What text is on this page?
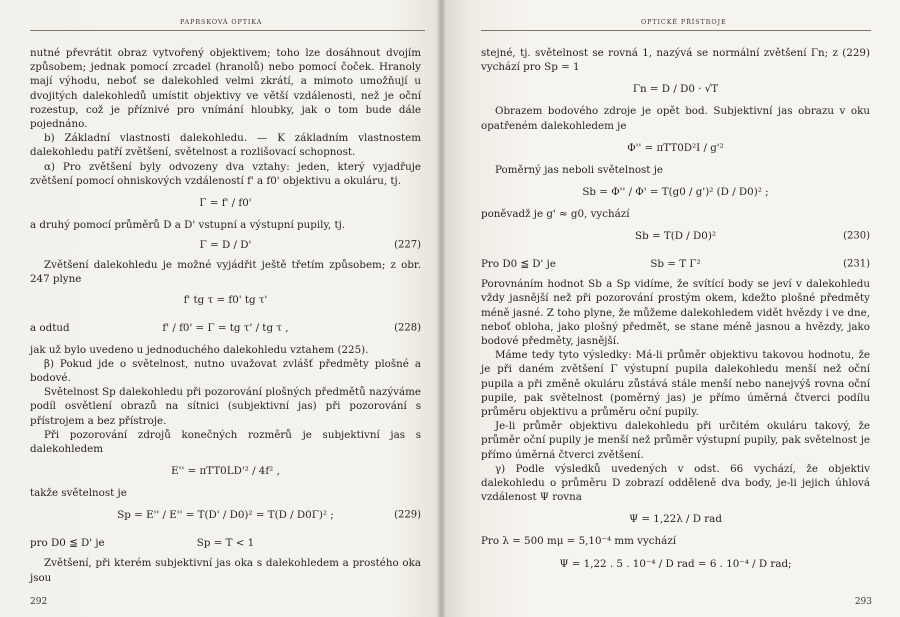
PAPRSKOVÁ OPTIKA

nutné převrátit obraz vytvořený objektivem; toho lze dosáhnout dvojím způsobem; jednak pomocí zrcadel (hranolů) nebo pomocí čoček. Hranoly mají výhodu, neboť se dalekohled velmi zkrátí, a mimoto umožňují u dvojitých dalekohledů umístit objektivy ve větší vzdálenosti, než je oční rozestup, což je příznivé pro vnímání hloubky, jak o tom bude dále pojednáno.

b) Základní vlastnosti dalekohledu. — K základním vlastnostem dalekohledu patří zvětšení, světelnost a rozlišovací schopnost.

α) Pro zvětšení byly odvozeny dva vztahy: jeden, který vyjadřuje zvětšení pomocí ohniskových vzdáleností f' a f0' objektivu a okuláru, tj.

Γ = f' / f0'

a druhý pomocí průměrů D a D' vstupní a výstupní pupily, tj.

Γ = D / D'	(227)

Zvětšení dalekohledu je možné vyjádřit ještě třetím způsobem; z obr. 247 plyne

f' tg τ = f0' tg τ'
a odtud	f' / f0' = Γ = tg τ' / tg τ ,	(228)

jak už bylo uvedeno u jednoduchého dalekohledu vztahem (225).

β) Pokud jde o světelnost, nutno uvažovat zvlášť předměty plošné a bodové.

Světelnost Sp dalekohledu při pozorování plošných předmětů nazýváme podíl osvětlení obrazů na sítnici (subjektivní jas) při pozorování s přístrojem a bez přístroje.

Při pozorování zdrojů konečných rozměrů je subjektivní jas s dalekohledem

E'' = πTT0LD'² / 4f² ,

takže světelnost je

Sp = E'' / E'' = T(D' / D0)² = T(D / D0Γ)² ;	(229)
pro D0 ≦ D' je	Sp = T < 1

Zvětšení, při kterém subjektivní jas oka s dalekohledem a prostého oka jsou

292
OPTICKÉ PŘÍSTROJE

stejné, tj. světelnost se rovná 1, nazývá se normální zvětšení Γn; z (229) vychází pro Sp = 1

Γn = D / D0 · √T

Obrazem bodového zdroje je opět bod. Subjektivní jas obrazu v oku opatřeném dalekohledem je

Φ'' = πTT0D²I / g'²

Poměrný jas neboli světelnost je

Sb = Φ'' / Φ' = T(g0 / g')² (D / D0)² ;

poněvadž je g' ≈ g0, vychází

Sb = T(D / D0)²	(230)
Pro D0 ≦ D' je	Sb = T Γ²	(231)

Porovnáním hodnot Sb a Sp vidíme, že svítící body se jeví v dalekohledu vždy jasnější než při pozorování prostým okem, kdežto plošné předměty méně jasné. Z toho plyne, že můžeme dalekohledem vidět hvězdy i ve dne, neboť obloha, jako plošný předmět, se stane méně jasnou a hvězdy, jako bodové předměty, jasnější.

Máme tedy tyto výsledky: Má-li průměr objektivu takovou hodnotu, že je při daném zvětšení Γ výstupní pupila dalekohledu menší než oční pupila a při změně okuláru zůstává stále menší nebo nanejvýš rovna oční pupile, pak světelnost (poměrný jas) je přímo úměrná čtverci podílu průměru objektivu a průměru oční pupily.

Je-li průměr objektivu dalekohledu při určitém okuláru takový, že průměr oční pupily je menší než průměr výstupní pupily, pak světelnost je přímo úměrná čtverci zvětšení.

γ) Podle výsledků uvedených v odst. 66 vychází, že objektiv dalekohledu o průměru D zobrazí odděleně dva body, je-li jejich úhlová vzdálenost Ψ rovna

Ψ = 1,22λ / D rad

Pro λ = 500 mμ = 5,10⁻⁴ mm vychází

Ψ = 1,22 . 5 . 10⁻⁴ / D rad = 6 . 10⁻⁴ / D rad;
293
